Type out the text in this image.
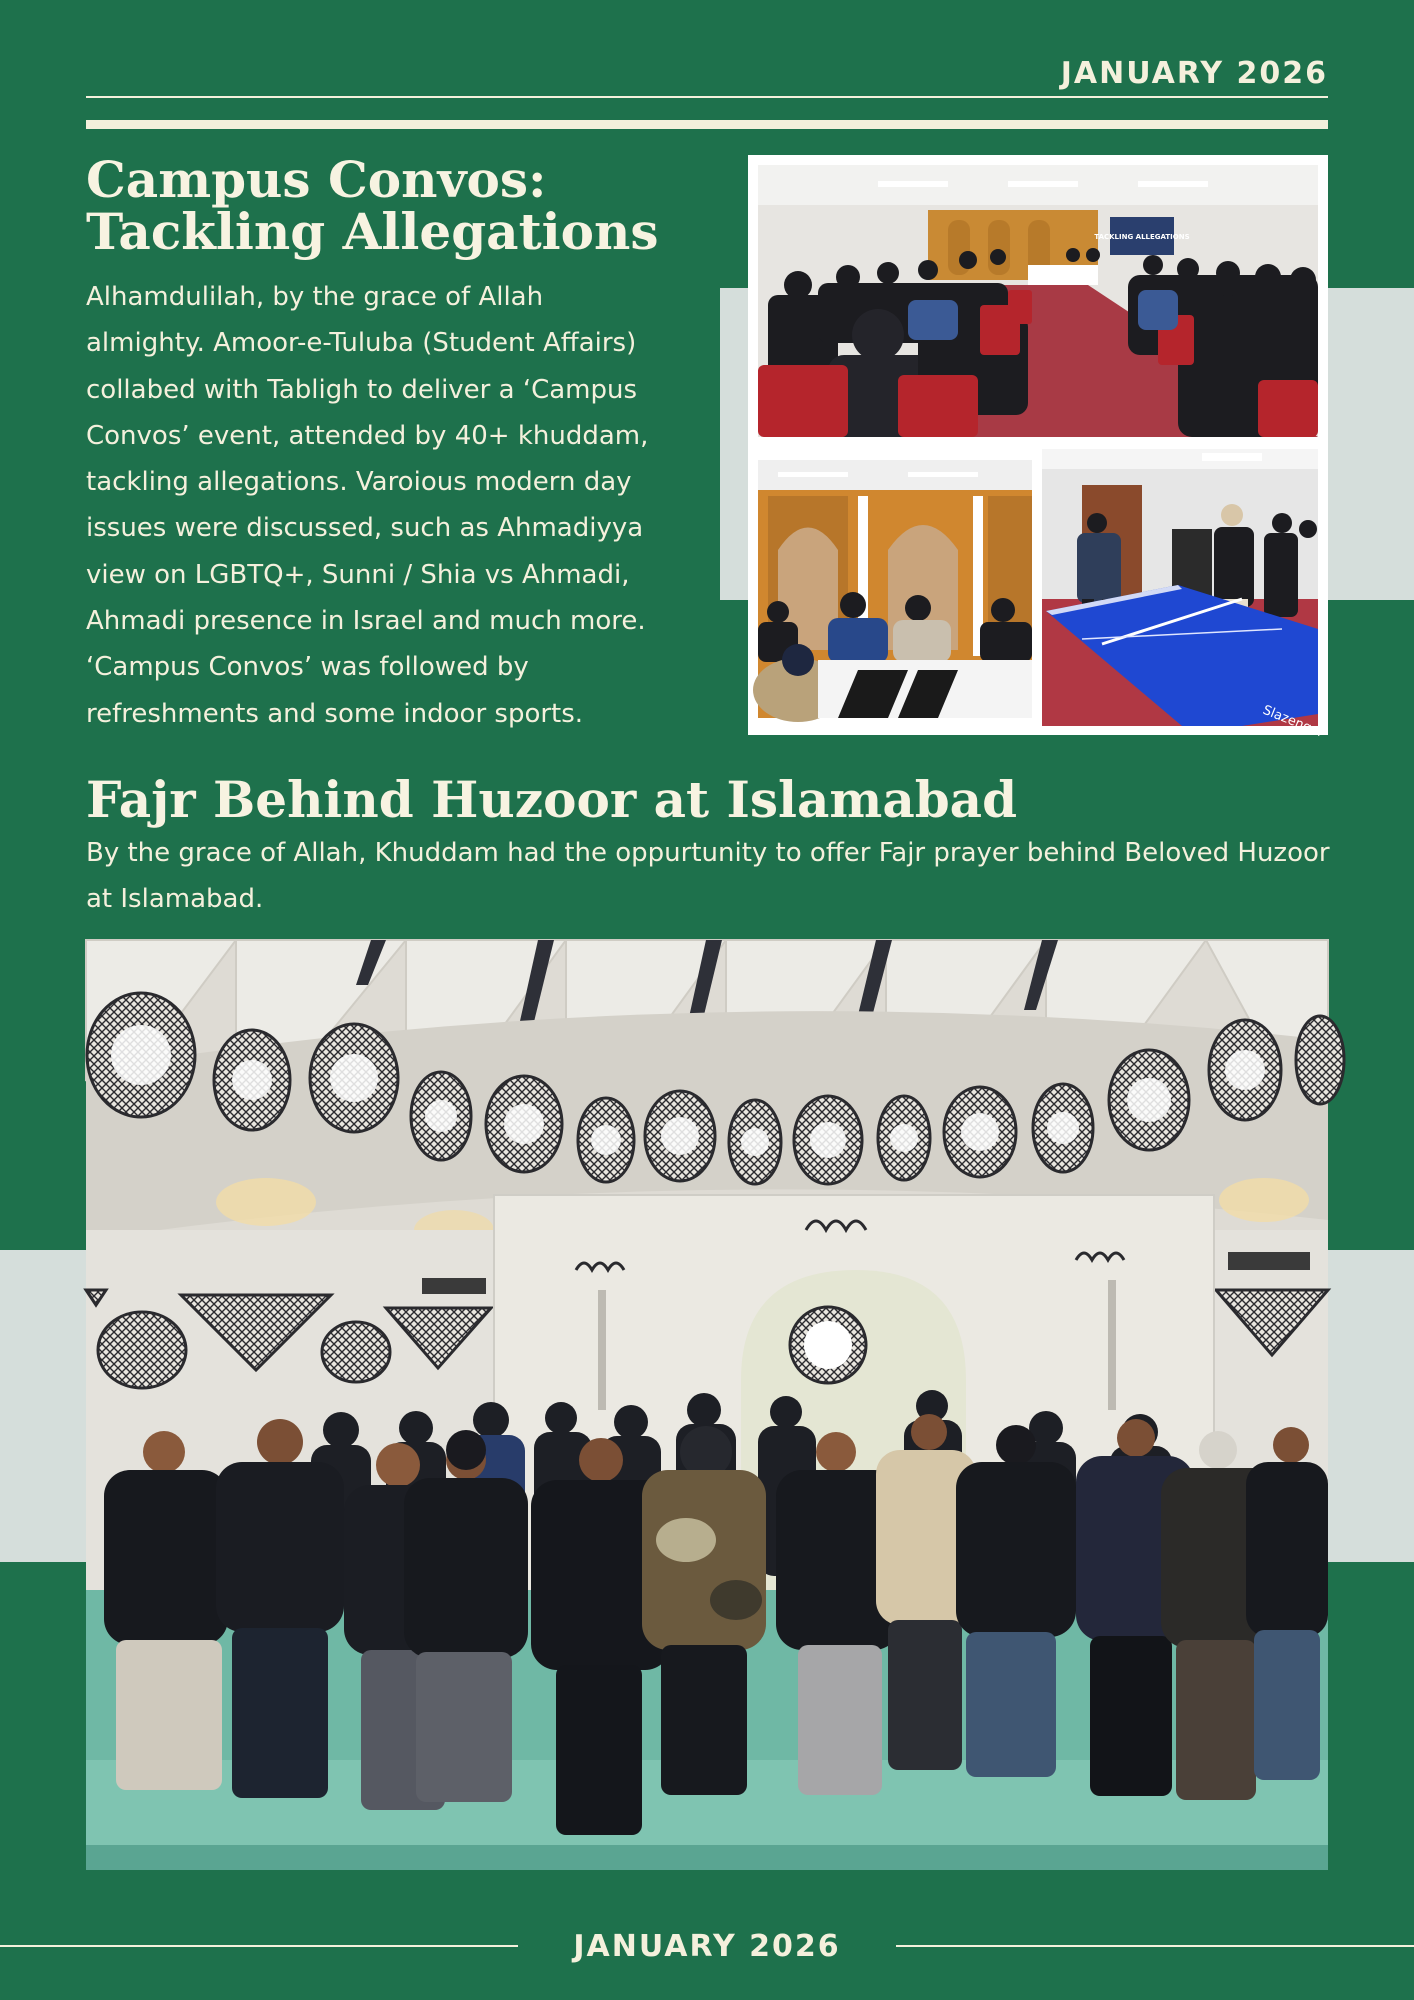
JANUARY 2026
Campus Convos:
Tackling Allegations

Alhamdulilah, by the grace of Allah
almighty. Amoor-e-Tuluba (Student Affairs)
collabed with Tabligh to deliver a ‘Campus
Convos’ event, attended by 40+ khuddam,
tackling allegations. Varoious modern day
issues were discussed, such as Ahmadiyya
view on LGBTQ+, Sunni / Shia vs Ahmadi,
Ahmadi presence in Israel and much more.
‘Campus Convos’ was followed by
refreshments and some indoor sports.

TACKLING ALLEGATIONS
Slazenger
Fajr Behind Huzoor at Islamabad

By the grace of Allah, Khuddam had the oppurtunity to offer Fajr prayer behind Beloved Huzoor at Islamabad.

JANUARY 2026
